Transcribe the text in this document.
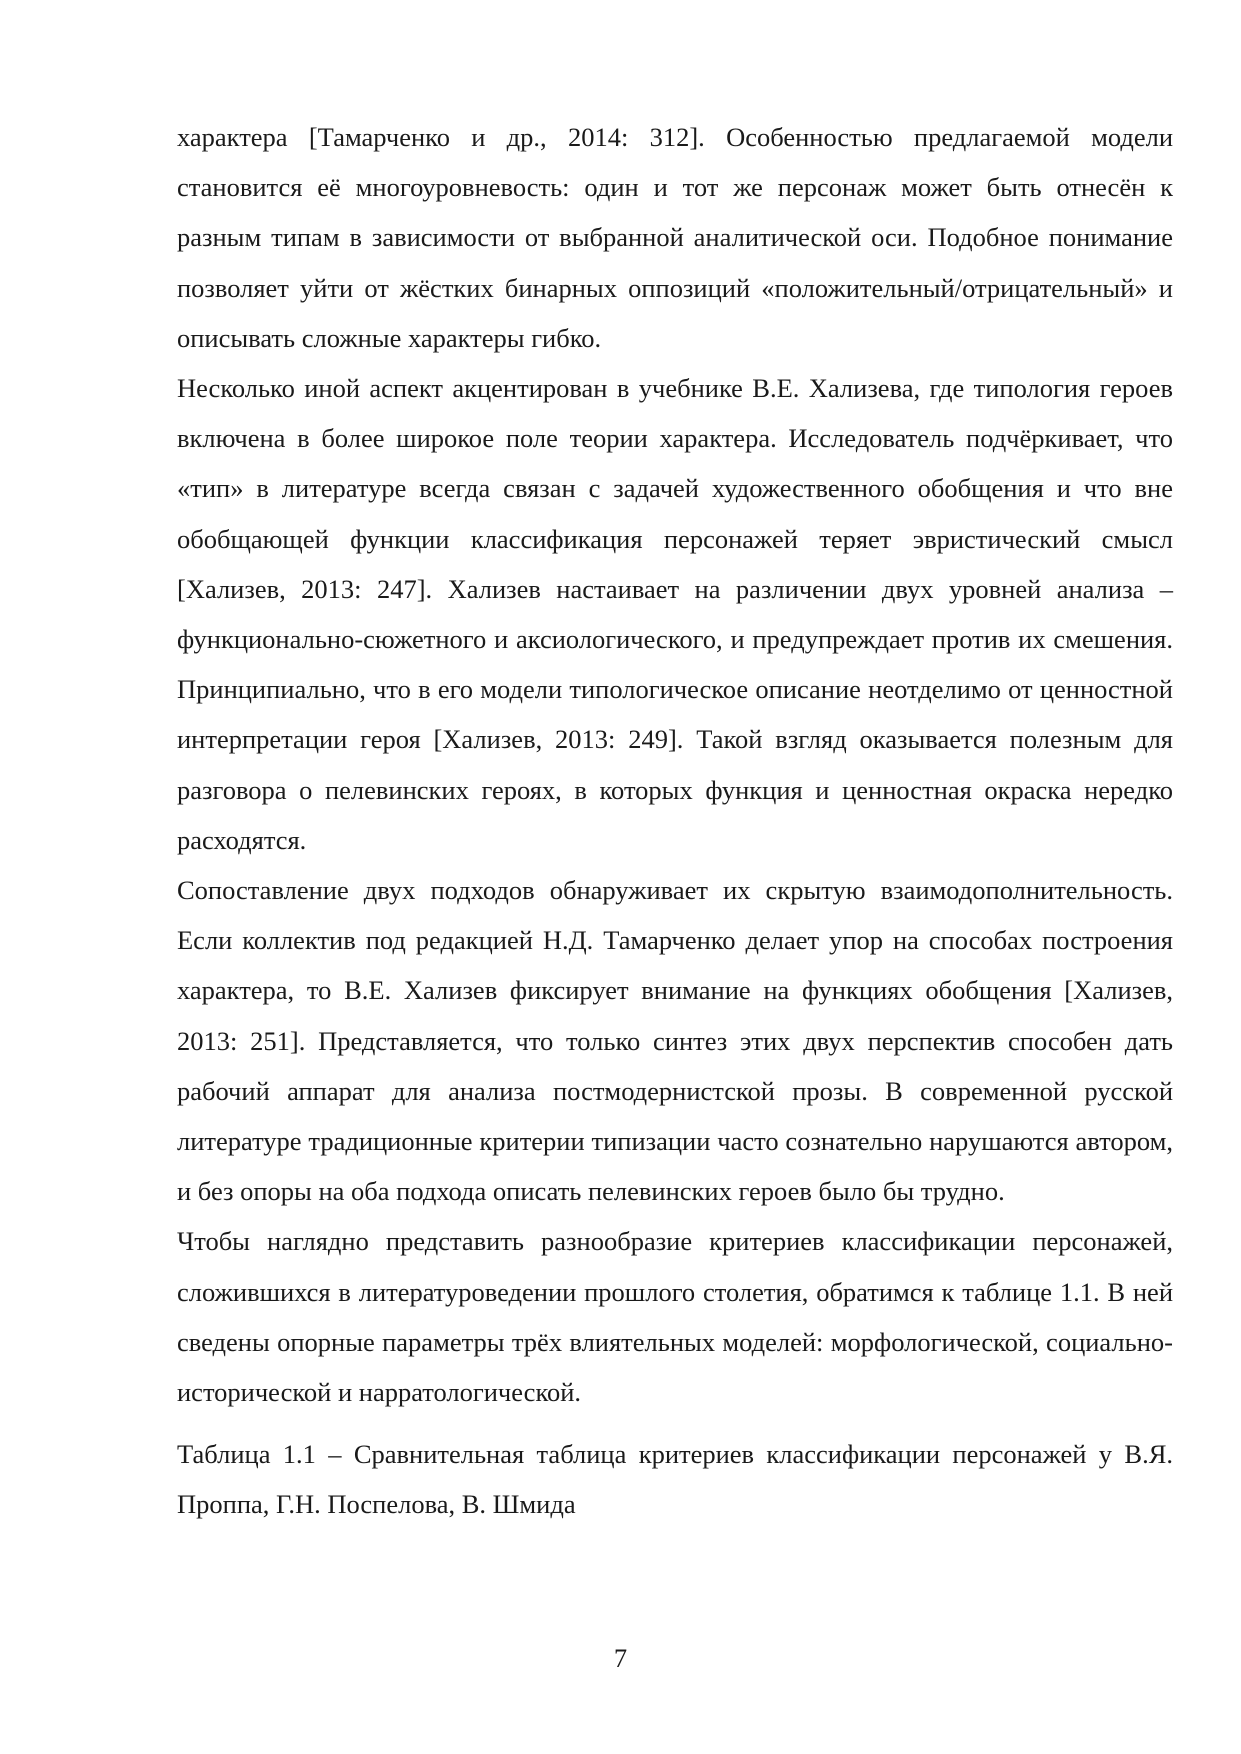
характера [Тамарченко и др., 2014: 312]. Особенностью предлагаемой модели становится её многоуровневость: один и тот же персонаж может быть отнесён к разным типам в зависимости от выбранной аналитической оси. Подобное понимание позволяет уйти от жёстких бинарных оппозиций «положительный/отрицательный» и описывать сложные характеры гибко.

Несколько иной аспект акцентирован в учебнике В.Е. Хализева, где типология героев включена в более широкое поле теории характера. Исследователь подчёркивает, что «тип» в литературе всегда связан с задачей художественного обобщения и что вне обобщающей функции классификация персонажей теряет эвристический смысл [Хализев, 2013: 247]. Хализев настаивает на различении двух уровней анализа – функционально-сюжетного и аксиологического, и предупреждает против их смешения. Принципиально, что в его модели типологическое описание неотделимо от ценностной интерпретации героя [Хализев, 2013: 249]. Такой взгляд оказывается полезным для разговора о пелевинских героях, в которых функция и ценностная окраска нередко расходятся.

Сопоставление двух подходов обнаруживает их скрытую взаимодополнительность. Если коллектив под редакцией Н.Д. Тамарченко делает упор на способах построения характера, то В.Е. Хализев фиксирует внимание на функциях обобщения [Хализев, 2013: 251]. Представляется, что только синтез этих двух перспектив способен дать рабочий аппарат для анализа постмодернистской прозы. В современной русской литературе традиционные критерии типизации часто сознательно нарушаются автором, и без опоры на оба подхода описать пелевинских героев было бы трудно.

Чтобы наглядно представить разнообразие критериев классификации персонажей, сложившихся в литературоведении прошлого столетия, обратимся к таблице 1.1. В ней сведены опорные параметры трёх влиятельных моделей: морфологической, социально-исторической и нарратологической.

Таблица 1.1 – Сравнительная таблица критериев классификации персонажей у В.Я. Проппа, Г.Н. Поспелова, В. Шмида

7
